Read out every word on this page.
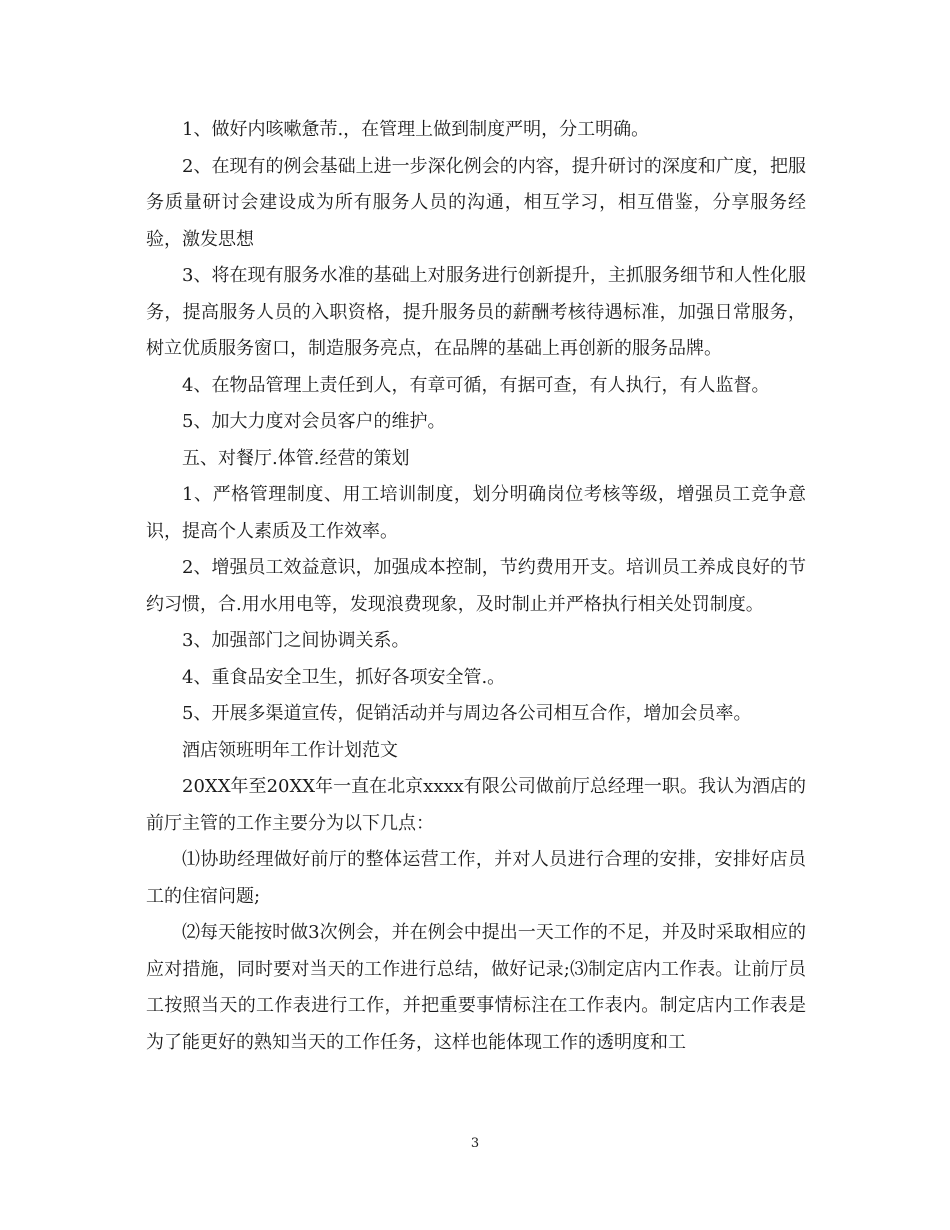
1、做好内咳嗽惫芾.，在管理上做到制度严明，分工明确。

2、在现有的例会基础上进一步深化例会的内容，提升研讨的深度和广度，把服务质量研讨会建设成为所有服务人员的沟通，相互学习，相互借鉴，分享服务经验，激发思想

3、将在现有服务水准的基础上对服务进行创新提升，主抓服务细节和人性化服务，提高服务人员的入职资格，提升服务员的薪酬考核待遇标准，加强日常服务，树立优质服务窗口，制造服务亮点，在品牌的基础上再创新的服务品牌。

4、在物品管理上责任到人，有章可循，有据可查，有人执行，有人监督。

5、加大力度对会员客户的维护。

五、对餐厅.体管.经营的策划

1、严格管理制度、用工培训制度，划分明确岗位考核等级，增强员工竞争意识，提高个人素质及工作效率。

2、增强员工效益意识，加强成本控制，节约费用开支。培训员工养成良好的节约习惯，合.用水用电等，发现浪费现象，及时制止并严格执行相关处罚制度。

3、加强部门之间协调关系。

4、重食品安全卫生，抓好各项安全管.。

5、开展多渠道宣传，促销活动并与周边各公司相互合作，增加会员率。

酒店领班明年工作计划范文

20XX年至20XX年一直在北京xxxx有限公司做前厅总经理一职。我认为酒店的前厅主管的工作主要分为以下几点：

⑴协助经理做好前厅的整体运营工作，并对人员进行合理的安排，安排好店员工的住宿问题;

⑵每天能按时做3次例会，并在例会中提出一天工作的不足，并及时采取相应的应对措施，同时要对当天的工作进行总结，做好记录;⑶制定店内工作表。让前厅员工按照当天的工作表进行工作，并把重要事情标注在工作表内。制定店内工作表是为了能更好的熟知当天的工作任务，这样也能体现工作的透明度和工

3
